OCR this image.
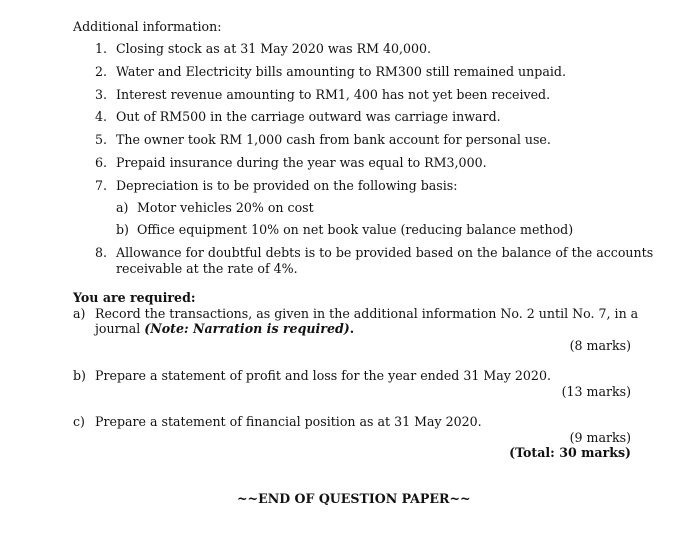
Additional information:
1. Closing stock as at 31 May 2020 was RM 40,000.
2. Water and Electricity bills amounting to RM300 still remained unpaid.
3. Interest revenue amounting to RM1, 400 has not yet been received.
4. Out of RM500 in the carriage outward was carriage inward.
5. The owner took RM 1,000 cash from bank account for personal use.
6. Prepaid insurance during the year was equal to RM3,000.
7. Depreciation is to be provided on the following basis:
a) Motor vehicles 20% on cost
b) Office equipment 10% on net book value (reducing balance method)
8. Allowance for doubtful debts is to be provided based on the balance of the accounts
receivable at the rate of 4%.
You are required:
a) Record the transactions, as given in the additional information No. 2 until No. 7, in a
journal (Note: Narration is required).
(8 marks)
b) Prepare a statement of profit and loss for the year ended 31 May 2020.
(13 marks)
c) Prepare a statement of financial position as at 31 May 2020.
(9 marks)
(Total: 30 marks)
~~END OF QUESTION PAPER~~
